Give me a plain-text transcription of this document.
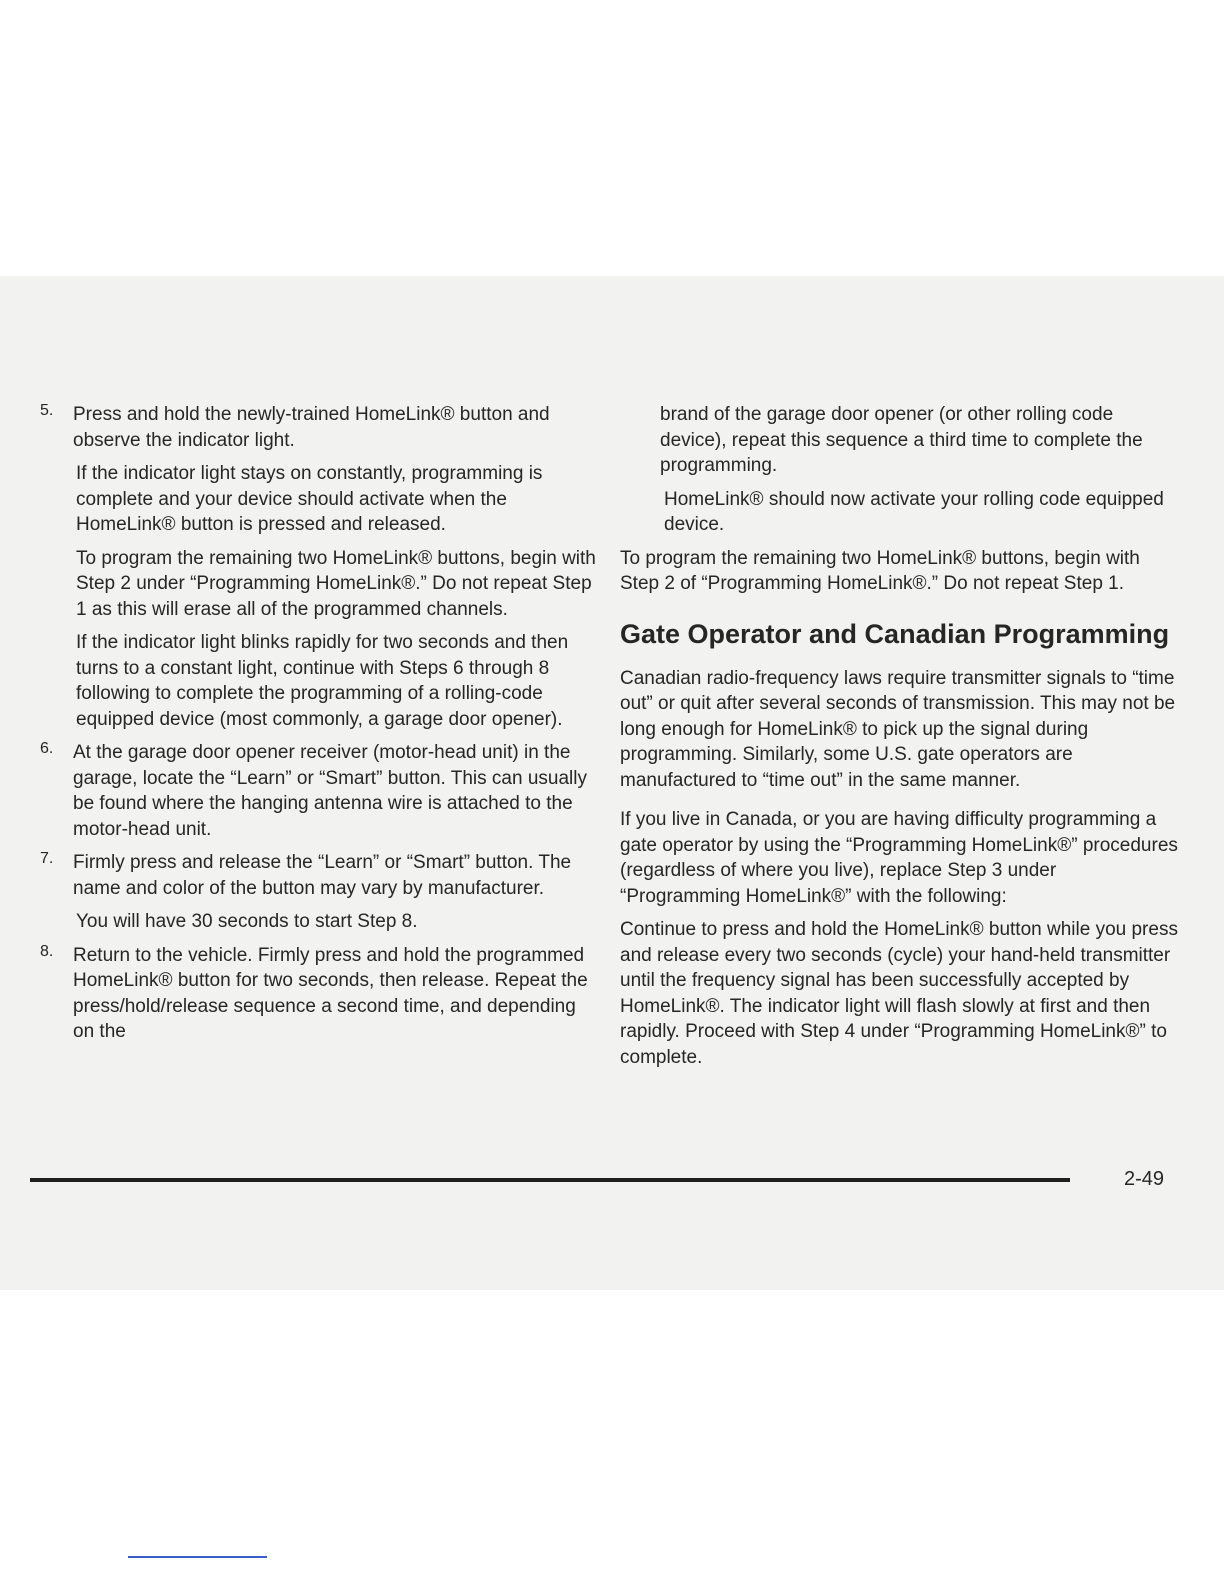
5. Press and hold the newly-trained HomeLink® button and observe the indicator light.

If the indicator light stays on constantly, programming is complete and your device should activate when the HomeLink® button is pressed and released.

To program the remaining two HomeLink® buttons, begin with Step 2 under “Programming HomeLink®.” Do not repeat Step 1 as this will erase all of the programmed channels.

If the indicator light blinks rapidly for two seconds and then turns to a constant light, continue with Steps 6 through 8 following to complete the programming of a rolling-code equipped device (most commonly, a garage door opener).

6. At the garage door opener receiver (motor-head unit) in the garage, locate the “Learn” or “Smart” button. This can usually be found where the hanging antenna wire is attached to the motor-head unit.

7. Firmly press and release the “Learn” or “Smart” button. The name and color of the button may vary by manufacturer.

You will have 30 seconds to start Step 8.

8. Return to the vehicle. Firmly press and hold the programmed HomeLink® button for two seconds, then release. Repeat the press/hold/release sequence a second time, and depending on the

brand of the garage door opener (or other rolling code device), repeat this sequence a third time to complete the programming.

HomeLink® should now activate your rolling code equipped device.

To program the remaining two HomeLink® buttons, begin with Step 2 of “Programming HomeLink®.” Do not repeat Step 1.

Gate Operator and Canadian Programming

Canadian radio-frequency laws require transmitter signals to “time out” or quit after several seconds of transmission. This may not be long enough for HomeLink® to pick up the signal during programming. Similarly, some U.S. gate operators are manufactured to “time out” in the same manner.

If you live in Canada, or you are having difficulty programming a gate operator by using the “Programming HomeLink®” procedures (regardless of where you live), replace Step 3 under “Programming HomeLink®” with the following:

Continue to press and hold the HomeLink® button while you press and release every two seconds (cycle) your hand-held transmitter until the frequency signal has been successfully accepted by HomeLink®. The indicator light will flash slowly at first and then rapidly. Proceed with Step 4 under “Programming HomeLink®” to complete.

2-49
